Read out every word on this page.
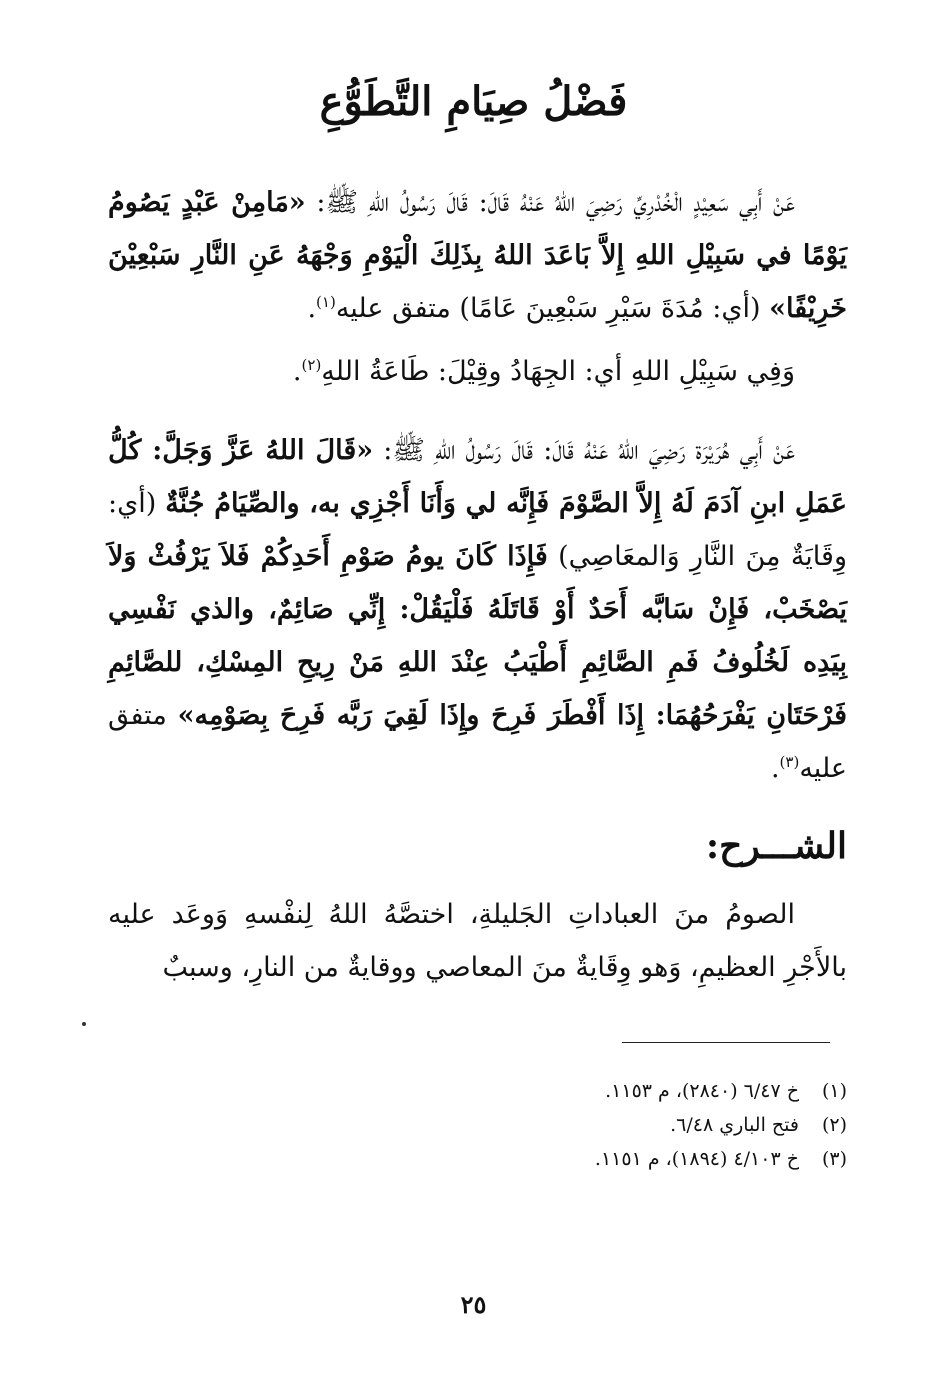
فَضْلُ صِيَامِ التَّطَوُّعِ

عَنْ أَبِي سَعِيْدٍ الْخُدْرِيِّ رَضِيَ اللهُ عَنْهُ قَالَ: قَالَ رَسُولُ اللهِ ﷺ: «مَامِنْ عَبْدٍ يَصُومُ يَوْمًا في سَبِيْلِ اللهِ إِلاَّ بَاعَدَ اللهُ بِذَلِكَ الْيَوْمِ وَجْهَهُ عَنِ النَّارِ سَبْعِيْنَ خَرِيْفًا» (أي: مُدَةَ سَيْرِ سَبْعِينَ عَامًا) متفق عليه$^{(١)}$.

وَفِي سَبِيْلِ اللهِ أي: الجِهَادُ وقِيْلَ: طَاعَةُ اللهِ$^{(٢)}$.

عَنْ أَبِي هُرَيْرَة رَضِيَ اللهُ عَنْهُ قَالَ: قَالَ رَسُولُ اللهِ ﷺ: «قَالَ اللهُ عَزَّ وَجَلَّ: كُلُّ عَمَلِ ابنِ آدَمَ لَهُ إِلاَّ الصَّوْمَ فَإِنَّه لي وَأَنَا أَجْزِي به، والصِّيَامُ جُنَّةٌ (أي: وِقَايَةٌ مِنَ النَّارِ وَالمعَاصِي) فَإِذَا كَانَ يومُ صَوْمِ أَحَدِكُمْ فَلاَ يَرْفُثْ وَلاَ يَصْخَبْ، فَإِنْ سَابَّه أَحَدٌ أَوْ قَاتَلَهُ فَلْيَقُلْ: إِنِّي صَائِمٌ، والذي نَفْسِي بِيَدِه لَخُلُوفُ فَمِ الصَّائِمِ أَطْيَبُ عِنْدَ اللهِ مَنْ رِيحِ المِسْكِ، للصَّائِمِ فَرْحَتَانِ يَفْرَحُهُمَا: إِذَا أَفْطَرَ فَرِحَ وإِذَا لَقِيَ رَبَّه فَرِحَ بِصَوْمِه» متفق عليه$^{(٣)}$.

الشـــرح:

الصومُ منَ العباداتِ الجَليلةِ، اختصَّهُ اللهُ لِنفْسهِ وَوعَد عليه بالأَجْرِ العظيمِ، وَهو وِقَايةٌ منَ المعاصي ووقايةٌ من النارِ، وسببٌ

(١)
خ ٦/٤٧ (٢٨٤٠)، م ١١٥٣.
(٢)
فتح الباري ٦/٤٨.
(٣)
خ ٤/١٠٣ (١٨٩٤)، م ١١٥١.
٢٥
